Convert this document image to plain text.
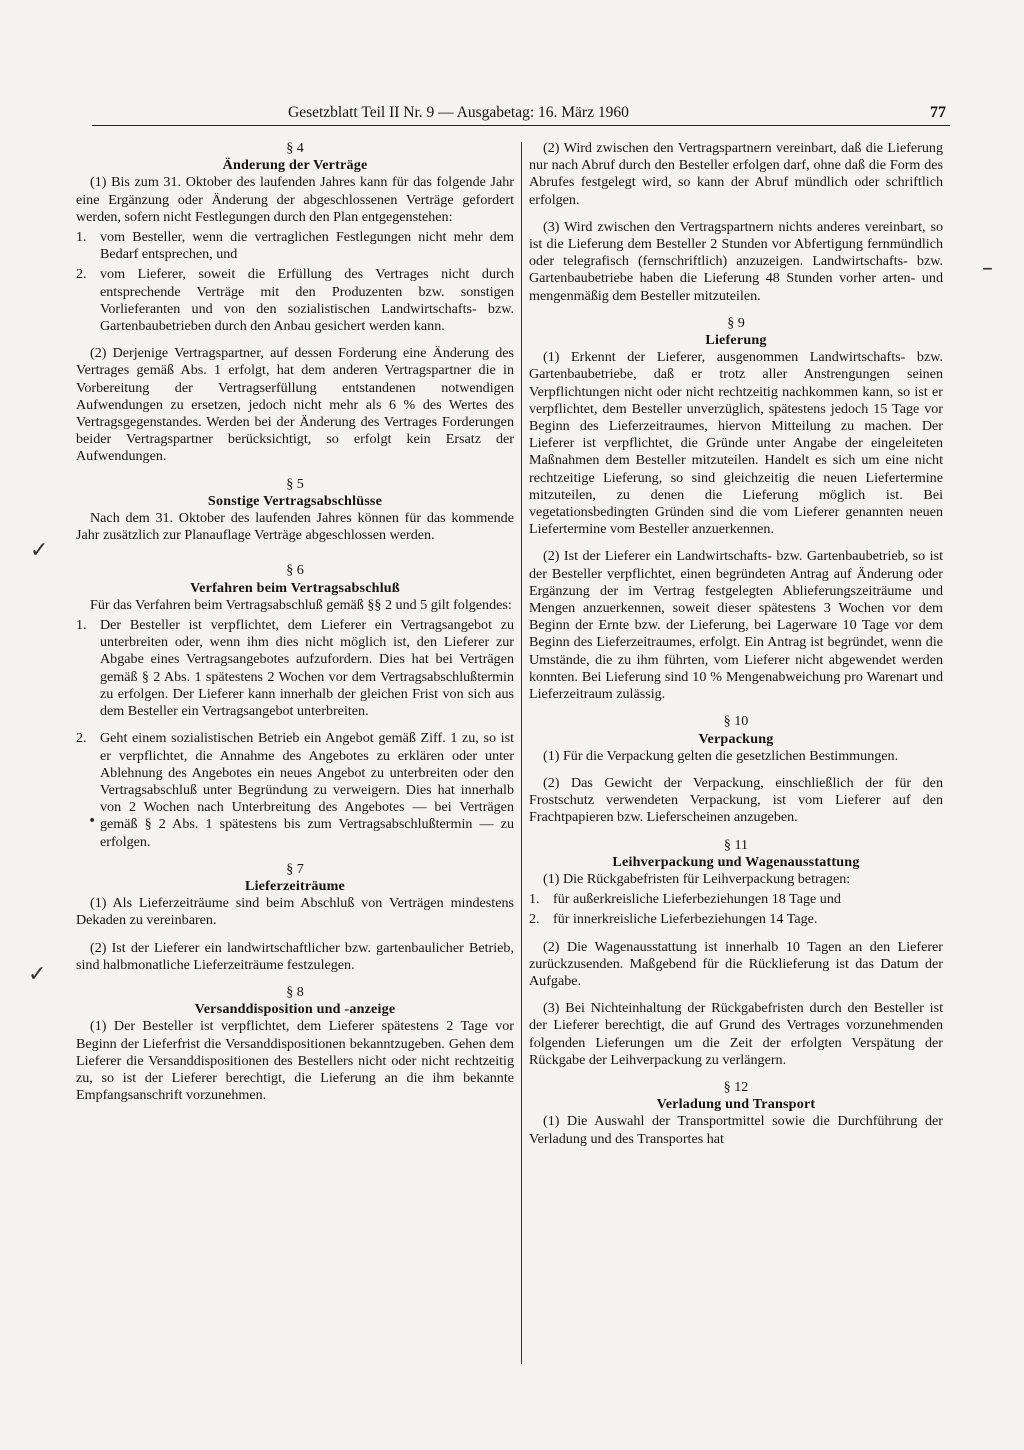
Gesetzblatt Teil II Nr. 9 — Ausgabetag: 16. März 1960	77
✓
✓
–
•
§ 4
Änderung der Verträge

(1) Bis zum 31. Oktober des laufenden Jahres kann für das folgende Jahr eine Ergänzung oder Änderung der abgeschlossenen Verträge gefordert werden, sofern nicht Festlegungen durch den Plan entgegenstehen:

1. vom Besteller, wenn die vertraglichen Festlegungen nicht mehr dem Bedarf entsprechen, und
2. vom Lieferer, soweit die Erfüllung des Vertrages nicht durch entsprechende Verträge mit den Produzenten bzw. sonstigen Vorlieferanten und von den sozialistischen Landwirtschafts- bzw. Gartenbaubetrieben durch den Anbau gesichert werden kann.

(2) Derjenige Vertragspartner, auf dessen Forderung eine Änderung des Vertrages gemäß Abs. 1 erfolgt, hat dem anderen Vertragspartner die in Vorbereitung der Vertragserfüllung entstandenen notwendigen Aufwendungen zu ersetzen, jedoch nicht mehr als 6 % des Wertes des Vertragsgegenstandes. Werden bei der Änderung des Vertrages Forderungen beider Vertragspartner berücksichtigt, so erfolgt kein Ersatz der Aufwendungen.

§ 5
Sonstige Vertragsabschlüsse

Nach dem 31. Oktober des laufenden Jahres können für das kommende Jahr zusätzlich zur Planauflage Verträge abgeschlossen werden.

§ 6
Verfahren beim Vertragsabschluß

Für das Verfahren beim Vertragsabschluß gemäß §§ 2 und 5 gilt folgendes:

1. Der Besteller ist verpflichtet, dem Lieferer ein Vertragsangebot zu unterbreiten oder, wenn ihm dies nicht möglich ist, den Lieferer zur Abgabe eines Vertragsangebotes aufzufordern. Dies hat bei Verträgen gemäß § 2 Abs. 1 spätestens 2 Wochen vor dem Vertragsabschlußtermin zu erfolgen. Der Lieferer kann innerhalb der gleichen Frist von sich aus dem Besteller ein Vertragsangebot unterbreiten.
2. Geht einem sozialistischen Betrieb ein Angebot gemäß Ziff. 1 zu, so ist er verpflichtet, die Annahme des Angebotes zu erklären oder unter Ablehnung des Angebotes ein neues Angebot zu unterbreiten oder den Vertragsabschluß unter Begründung zu verweigern. Dies hat innerhalb von 2 Wochen nach Unterbreitung des Angebotes — bei Verträgen gemäß § 2 Abs. 1 spätestens bis zum Vertragsabschlußtermin — zu erfolgen.
§ 7
Lieferzeiträume

(1) Als Lieferzeiträume sind beim Abschluß von Verträgen mindestens Dekaden zu vereinbaren.

(2) Ist der Lieferer ein landwirtschaftlicher bzw. gartenbaulicher Betrieb, sind halbmonatliche Lieferzeiträume festzulegen.

§ 8
Versanddisposition und -anzeige

(1) Der Besteller ist verpflichtet, dem Lieferer spätestens 2 Tage vor Beginn der Lieferfrist die Versanddispositionen bekanntzugeben. Gehen dem Lieferer die Versanddispositionen des Bestellers nicht oder nicht rechtzeitig zu, so ist der Lieferer berechtigt, die Lieferung an die ihm bekannte Empfangsanschrift vorzunehmen.

(2) Wird zwischen den Vertragspartnern vereinbart, daß die Lieferung nur nach Abruf durch den Besteller erfolgen darf, ohne daß die Form des Abrufes festgelegt wird, so kann der Abruf mündlich oder schriftlich erfolgen.

(3) Wird zwischen den Vertragspartnern nichts anderes vereinbart, so ist die Lieferung dem Besteller 2 Stunden vor Abfertigung fernmündlich oder telegrafisch (fernschriftlich) anzuzeigen. Landwirtschafts- bzw. Gartenbaubetriebe haben die Lieferung 48 Stunden vorher arten- und mengenmäßig dem Besteller mitzuteilen.

§ 9
Lieferung

(1) Erkennt der Lieferer, ausgenommen Landwirtschafts- bzw. Gartenbaubetriebe, daß er trotz aller Anstrengungen seinen Verpflichtungen nicht oder nicht rechtzeitig nachkommen kann, so ist er verpflichtet, dem Besteller unverzüglich, spätestens jedoch 15 Tage vor Beginn des Lieferzeitraumes, hiervon Mitteilung zu machen. Der Lieferer ist verpflichtet, die Gründe unter Angabe der eingeleiteten Maßnahmen dem Besteller mitzuteilen. Handelt es sich um eine nicht rechtzeitige Lieferung, so sind gleichzeitig die neuen Liefertermine mitzuteilen, zu denen die Lieferung möglich ist. Bei vegetationsbedingten Gründen sind die vom Lieferer genannten neuen Liefertermine vom Besteller anzuerkennen.

(2) Ist der Lieferer ein Landwirtschafts- bzw. Gartenbaubetrieb, so ist der Besteller verpflichtet, einen begründeten Antrag auf Änderung oder Ergänzung der im Vertrag festgelegten Ablieferungszeiträume und Mengen anzuerkennen, soweit dieser spätestens 3 Wochen vor dem Beginn der Ernte bzw. der Lieferung, bei Lagerware 10 Tage vor dem Beginn des Lieferzeitraumes, erfolgt. Ein Antrag ist begründet, wenn die Umstände, die zu ihm führten, vom Lieferer nicht abgewendet werden konnten. Bei Lieferung sind 10 % Mengenabweichung pro Warenart und Lieferzeitraum zulässig.

§ 10
Verpackung

(1) Für die Verpackung gelten die gesetzlichen Bestimmungen.

(2) Das Gewicht der Verpackung, einschließlich der für den Frostschutz verwendeten Verpackung, ist vom Lieferer auf den Frachtpapieren bzw. Lieferscheinen anzugeben.

§ 11
Leihverpackung und Wagenausstattung

(1) Die Rückgabefristen für Leihverpackung betragen:

1. für außerkreisliche Lieferbeziehungen 18 Tage und
2. für innerkreisliche Lieferbeziehungen 14 Tage.

(2) Die Wagenausstattung ist innerhalb 10 Tagen an den Lieferer zurückzusenden. Maßgebend für die Rücklieferung ist das Datum der Aufgabe.

(3) Bei Nichteinhaltung der Rückgabefristen durch den Besteller ist der Lieferer berechtigt, die auf Grund des Vertrages vorzunehmenden folgenden Lieferungen um die Zeit der erfolgten Verspätung der Rückgabe der Leihverpackung zu verlängern.

§ 12
Verladung und Transport

(1) Die Auswahl der Transportmittel sowie die Durchführung der Verladung und des Transportes hat
